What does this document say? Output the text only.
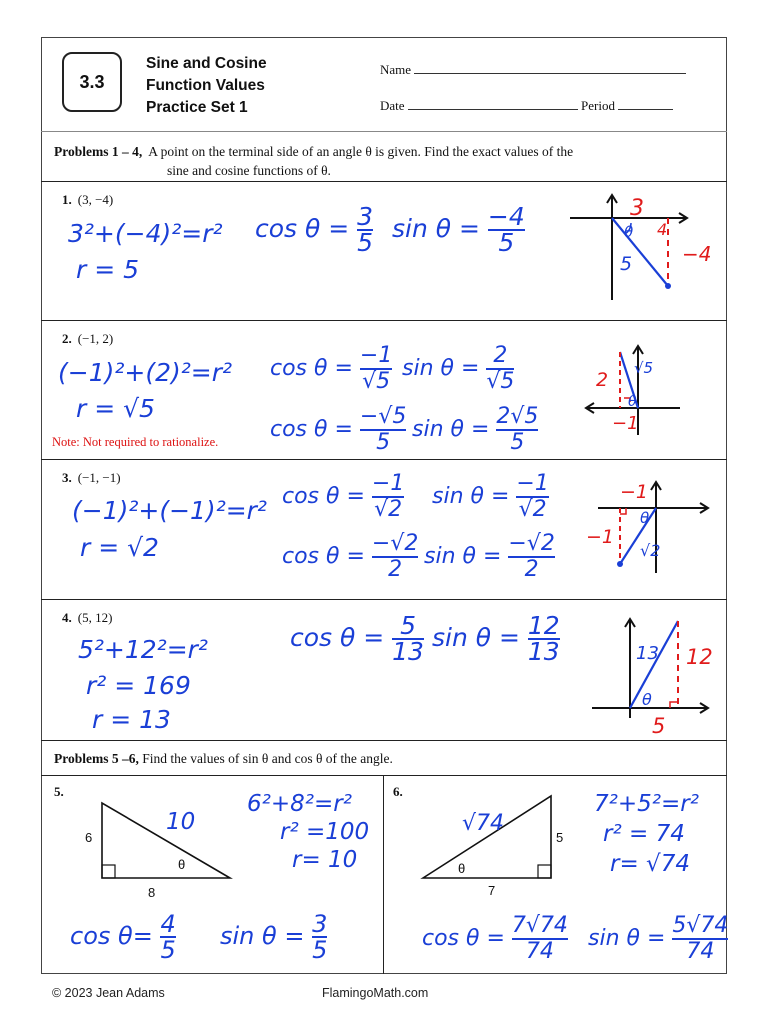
3.3
Sine and Cosine
Function Values
Practice Set 1
Name
Date	Period
Problems 1 – 4, A point on the terminal side of an angle θ is given. Find the exact values of the
sine and cosine functions of θ.
1. (3, −4)
3²+(−4)²=r²
r = 5
$\cos \theta = \frac{3}{5}$ $\sin \theta = \frac{-4}{5}$	3
−4
5
θ 4
2. (−1, 2)
(−1)²+(2)²=r²
r = √5
$\cos \theta = \frac{-1}{√5}$ $\sin \theta = \frac{2}{√5}$
$\cos \theta = \frac{-√5}{5}$ $\sin \theta = \frac{2√5}{5}$
Note: Not required to rationalize.
2
−1
√5
θ
3. (−1, −1)
(−1)²+(−1)²=r²
r = √2
$\cos \theta = \frac{-1}{√2}$ $\sin \theta = \frac{-1}{√2}$
$\cos \theta = \frac{-√2}{2}$ $\sin \theta = \frac{-√2}{2}$
−1
−1
√2
θ
4. (5, 12)
5²+12²=r²
r² = 169
r = 13
$\cos \theta = \frac{5}{13}$ $\sin \theta = \frac{12}{13}$	12
5
13
θ
Problems 5 –6, Find the values of sin θ and cos θ of the angle.
5.
6
8
θ
10
6²+8²=r²
r² =100
r= 10
$\cos \theta= \frac{4}{5}$ $\sin \theta = \frac{3}{5}$
6.
5
7
θ
√74
7²+5²=r²
r² = 74
r= √74
$\cos \theta = \frac{7√74}{74}$ $\sin \theta = \frac{5√74}{74}$
© 2023 Jean Adams	FlamingoMath.com
